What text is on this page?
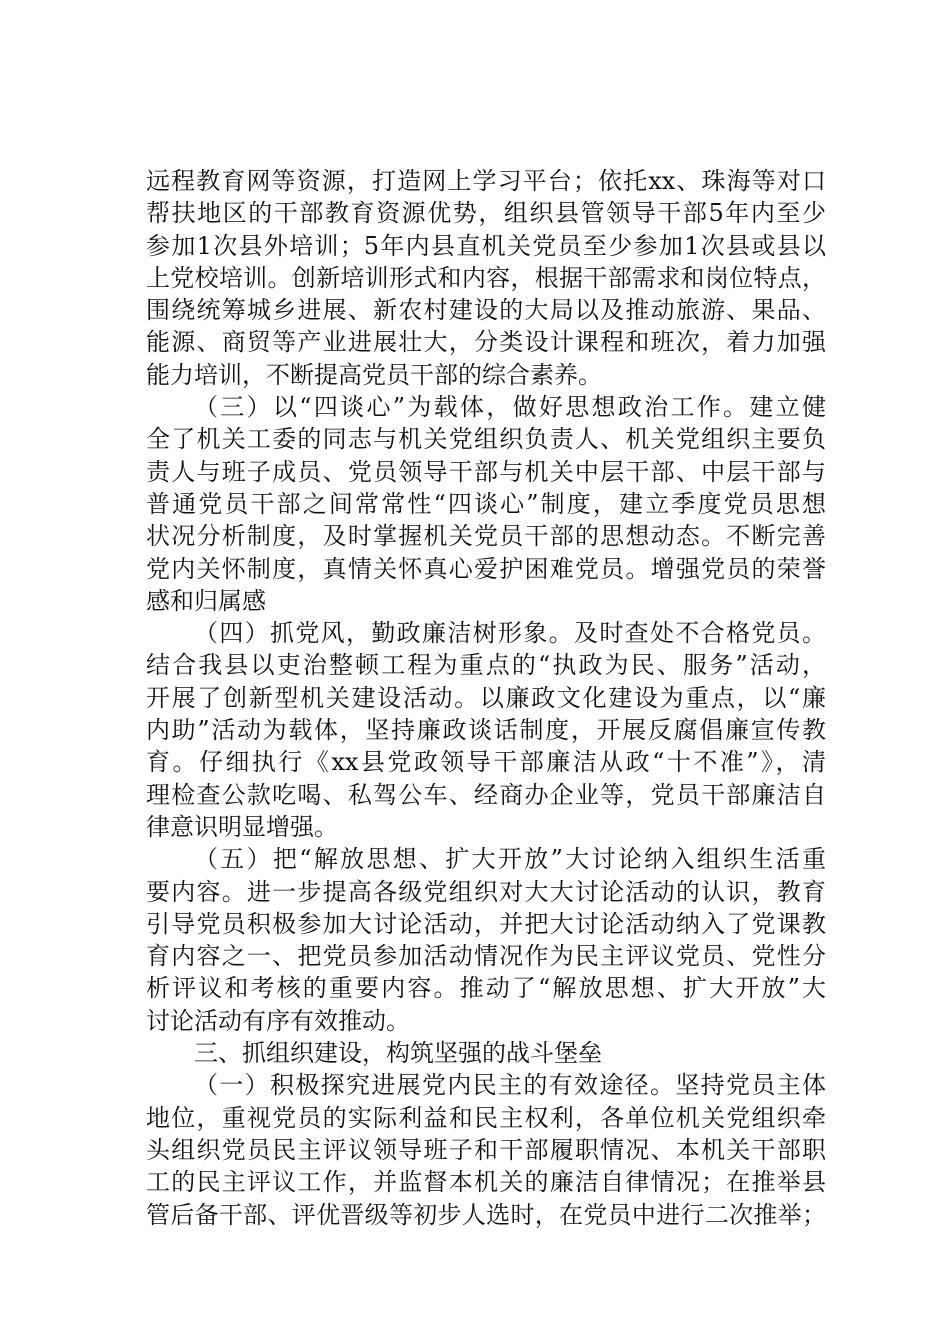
远程教育网等资源，打造网上学习平台；依托xx、珠海等对口
帮扶地区的干部教育资源优势，组织县管领导干部5年内至少
参加1次县外培训；5年内县直机关党员至少参加1次县或县以
上党校培训。创新培训形式和内容，根据干部需求和岗位特点，
围绕统筹城乡进展、新农村建设的大局以及推动旅游、果品、
能源、商贸等产业进展壮大，分类设计课程和班次，着力加强
能力培训，不断提高党员干部的综合素养。
（三）以“四谈心”为载体，做好思想政治工作。建立健
全了机关工委的同志与机关党组织负责人、机关党组织主要负
责人与班子成员、党员领导干部与机关中层干部、中层干部与
普通党员干部之间常常性“四谈心”制度，建立季度党员思想
状况分析制度，及时掌握机关党员干部的思想动态。不断完善
党内关怀制度，真情关怀真心爱护困难党员。增强党员的荣誉
感和归属感
（四）抓党风，勤政廉洁树形象。及时查处不合格党员。
结合我县以吏治整顿工程为重点的“执政为民、服务”活动，
开展了创新型机关建设活动。以廉政文化建设为重点，以“廉
内助”活动为载体，坚持廉政谈话制度，开展反腐倡廉宣传教
育。仔细执行《xx县党政领导干部廉洁从政“十不准”》，清
理检查公款吃喝、私驾公车、经商办企业等，党员干部廉洁自
律意识明显增强。
（五）把“解放思想、扩大开放”大讨论纳入组织生活重
要内容。进一步提高各级党组织对大大讨论活动的认识，教育
引导党员积极参加大讨论活动，并把大讨论活动纳入了党课教
育内容之一、把党员参加活动情况作为民主评议党员、党性分
析评议和考核的重要内容。推动了“解放思想、扩大开放”大
讨论活动有序有效推动。
三、抓组织建设，构筑坚强的战斗堡垒
（一）积极探究进展党内民主的有效途径。坚持党员主体
地位，重视党员的实际利益和民主权利，各单位机关党组织牵
头组织党员民主评议领导班子和干部履职情况、本机关干部职
工的民主评议工作，并监督本机关的廉洁自律情况；在推举县
管后备干部、评优晋级等初步人选时，在党员中进行二次推举；
